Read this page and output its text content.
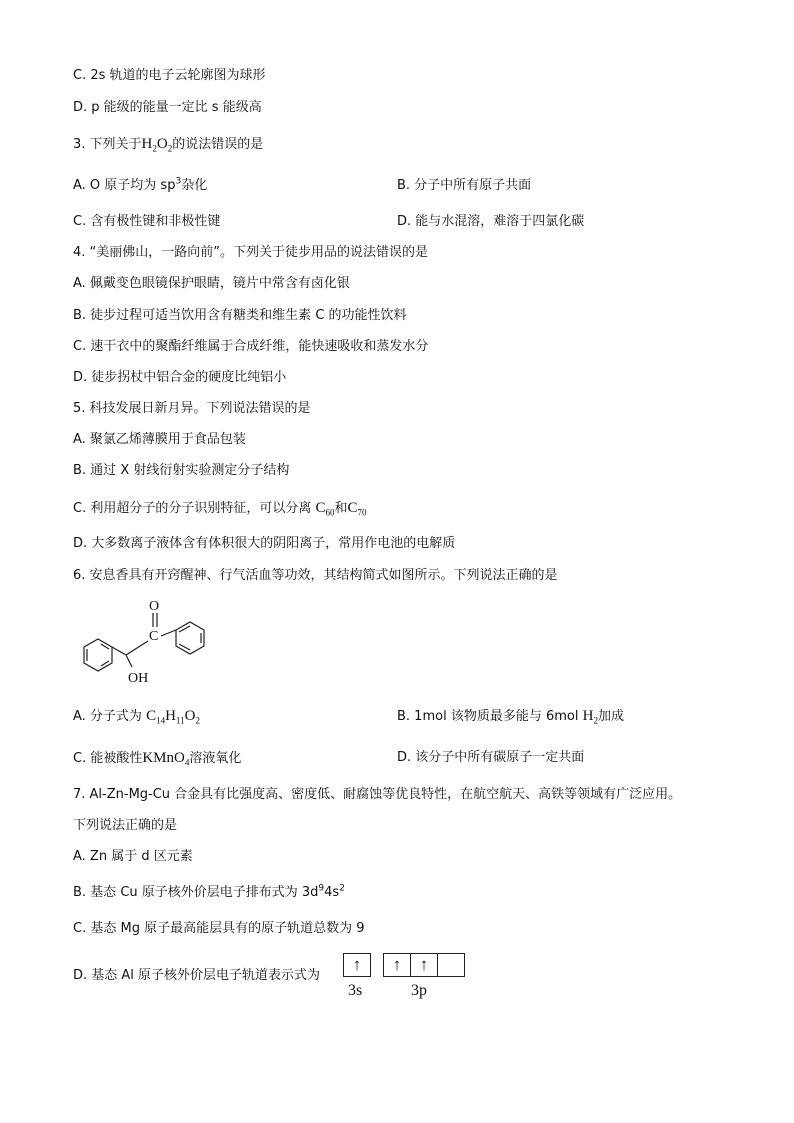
C. 2s 轨道的电子云轮廓图为球形
D. p 能级的能量一定比 s 能级高
3. 下列关于$H_2O_2$的说法错误的是
A. O 原子均为 $sp^3$杂化	B. 分子中所有原子共面
C. 含有极性键和非极性键	D. 能与水混溶，难溶于四氯化碳
4. “美丽佛山，一路向前”。下列关于徒步用品的说法错误的是
A. 佩戴变色眼镜保护眼睛，镜片中常含有卤化银
B. 徒步过程可适当饮用含有糖类和维生素 C 的功能性饮料
C. 速干衣中的聚酯纤维属于合成纤维，能快速吸收和蒸发水分
D. 徒步拐杖中铝合金的硬度比纯铝小
5. 科技发展日新月异。下列说法错误的是
A. 聚氯乙烯薄膜用于食品包装
B. 通过 X 射线衍射实验测定分子结构
C. 利用超分子的分子识别特征，可以分离 $C_{60}$和$C_{70}$
D. 大多数离子液体含有体积很大的阴阳离子，常用作电池的电解质
6. 安息香具有开窍醒神、行气活血等功效，其结构简式如图所示。下列说法正确的是
O
C
OH
A. 分子式为 $C_{14}H_{11}O_2$	B. 1mol 该物质最多能与 6mol $H_2$加成
C. 能被酸性KMnO$_4$溶液氧化	D. 该分子中所有碳原子一定共面
7. Al-Zn-Mg-Cu 合金具有比强度高、密度低、耐腐蚀等优良特性，在航空航天、高铁等领域有广泛应用。
下列说法正确的是
A. Zn 属于 d 区元素
B. 基态 Cu 原子核外价层电子排布式为 $3d^94s^2$
C. 基态 Mg 原子最高能层具有的原子轨道总数为 9
D. 基态 Al 原子核外价层电子轨道表示式为
↑	↑	↑
3s	3p
